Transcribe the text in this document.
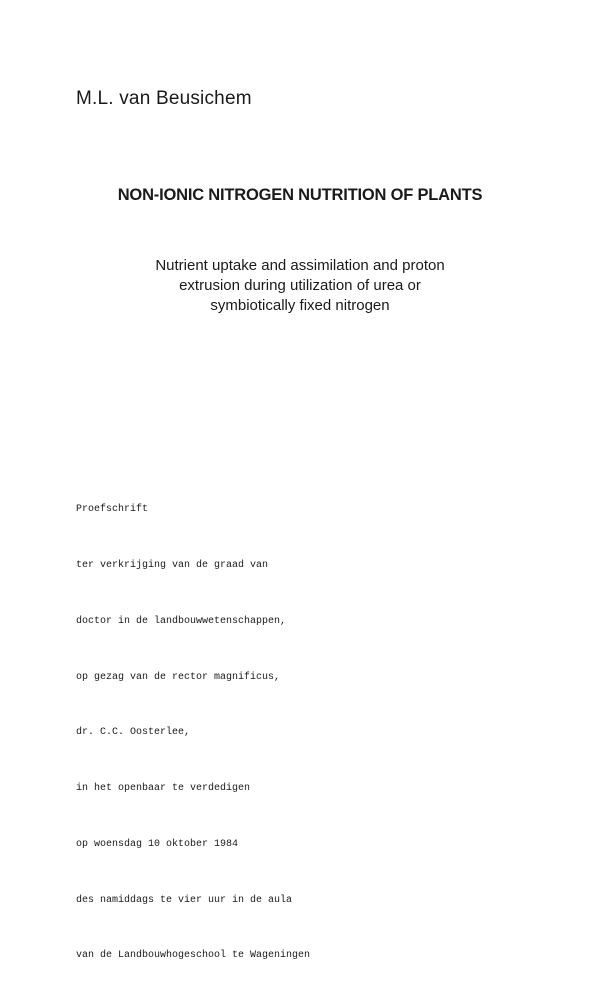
M.L. van Beusichem
NON-IONIC NITROGEN NUTRITION OF PLANTS
Nutrient uptake and assimilation and proton
extrusion during utilization of urea or
symbiotically fixed nitrogen

Proefschrift

ter verkrijging van de graad van

doctor in de landbouwwetenschappen,

op gezag van de rector magnificus,

dr. C.C. Oosterlee,

in het openbaar te verdedigen

op woensdag 10 oktober 1984

des namiddags te vier uur in de aula

van de Landbouwhogeschool te Wageningen
